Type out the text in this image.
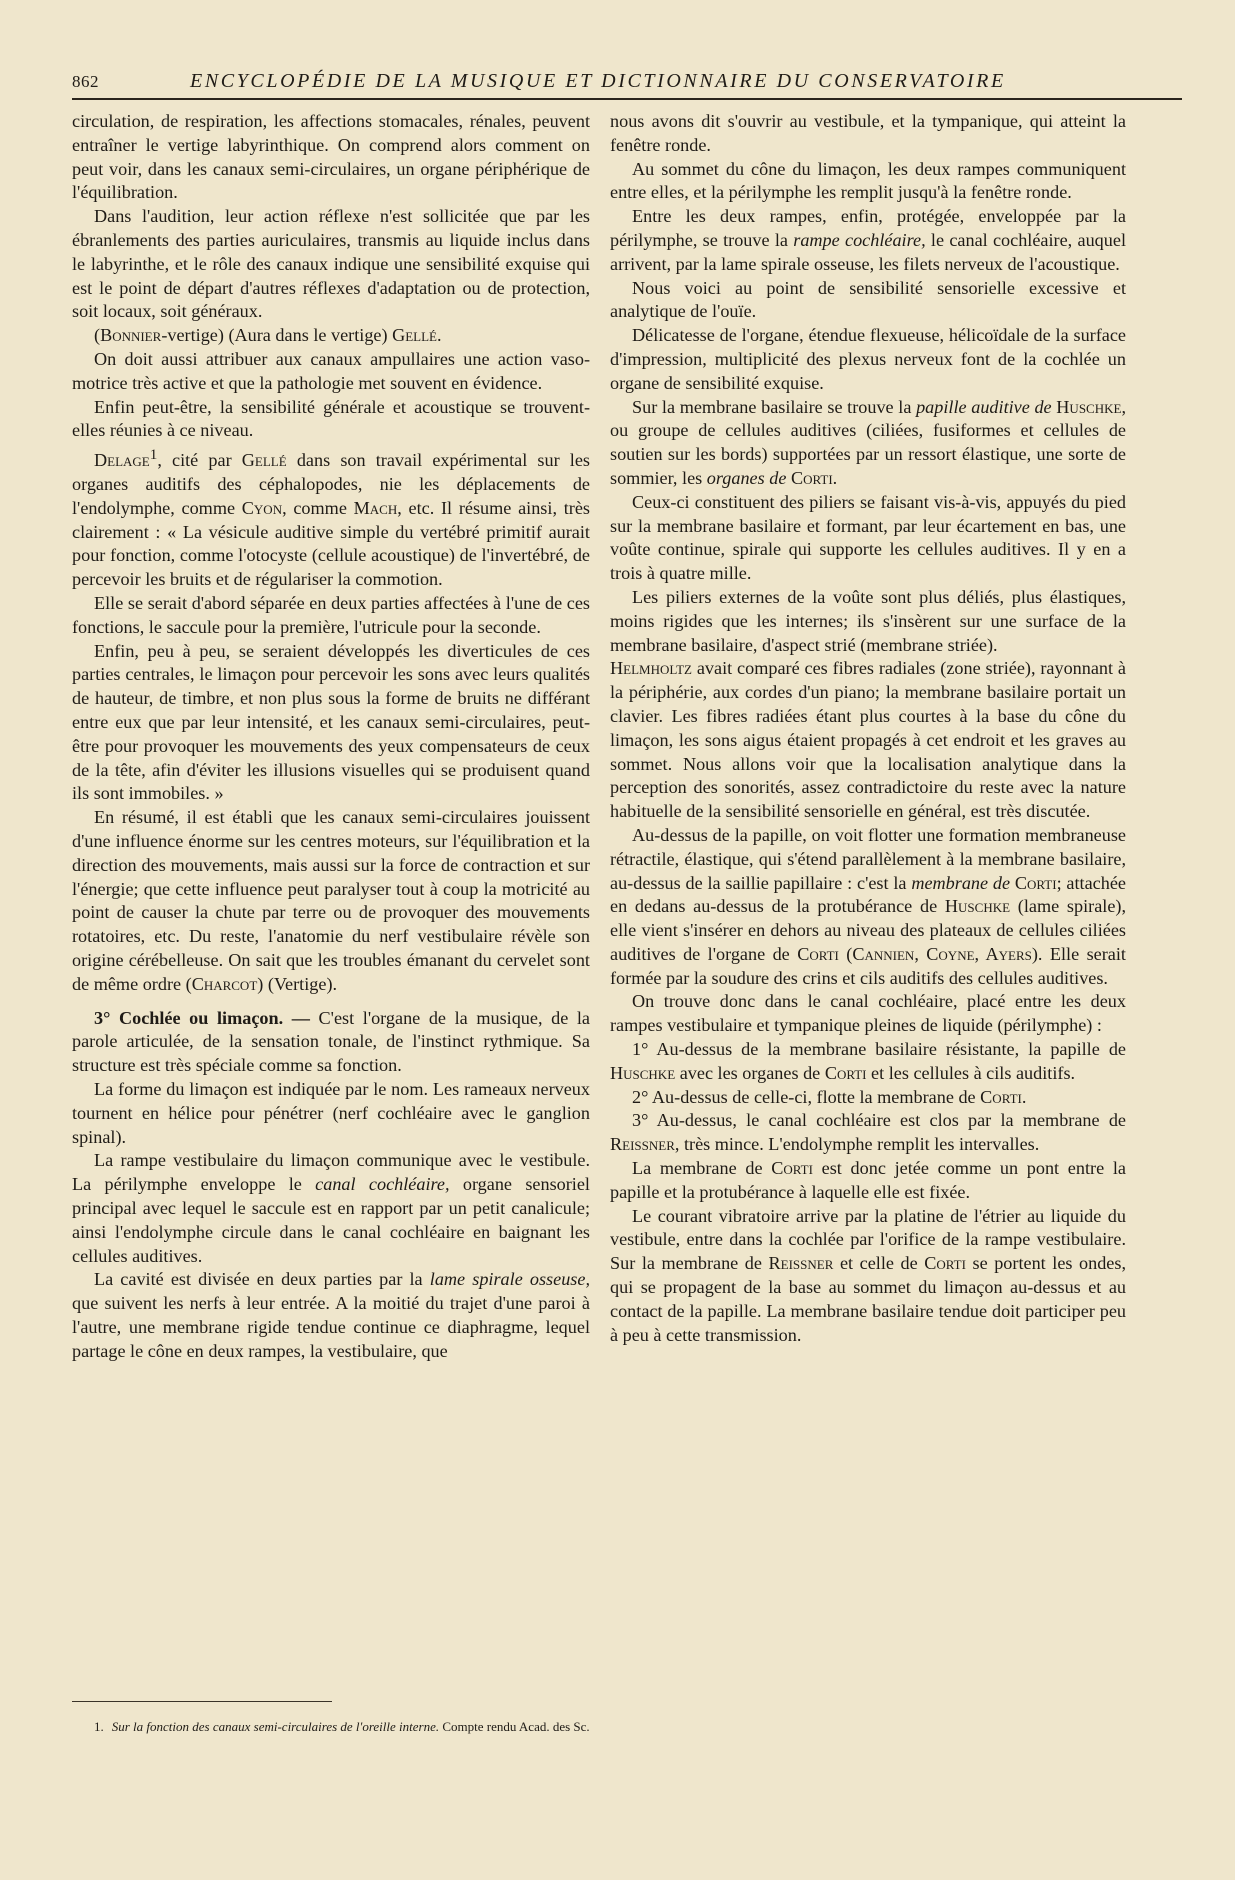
862	ENCYCLOPÉDIE DE LA MUSIQUE ET DICTIONNAIRE DU CONSERVATOIRE

circulation, de respiration, les affections stomacales, rénales, peuvent entraîner le vertige labyrinthique. On comprend alors comment on peut voir, dans les canaux semi-circulaires, un organe périphérique de l'équilibration.

Dans l'audition, leur action réflexe n'est sollicitée que par les ébranlements des parties auriculaires, transmis au liquide inclus dans le labyrinthe, et le rôle des canaux indique une sensibilité exquise qui est le point de départ d'autres réflexes d'adaptation ou de protection, soit locaux, soit généraux.

(Bonnier-vertige) (Aura dans le vertige) Gellé.

On doit aussi attribuer aux canaux ampullaires une action vaso-motrice très active et que la pathologie met souvent en évidence.

Enfin peut-être, la sensibilité générale et acoustique se trouvent-elles réunies à ce niveau.

Delage$^1$, cité par Gellé dans son travail expérimental sur les organes auditifs des céphalopodes, nie les déplacements de l'endolymphe, comme Cyon, comme Mach, etc. Il résume ainsi, très clairement : « La vésicule auditive simple du vertébré primitif aurait pour fonction, comme l'otocyste (cellule acoustique) de l'invertébré, de percevoir les bruits et de régulariser la commotion.

Elle se serait d'abord séparée en deux parties affectées à l'une de ces fonctions, le saccule pour la première, l'utricule pour la seconde.

Enfin, peu à peu, se seraient développés les diverticules de ces parties centrales, le limaçon pour percevoir les sons avec leurs qualités de hauteur, de timbre, et non plus sous la forme de bruits ne différant entre eux que par leur intensité, et les canaux semi-circulaires, peut-être pour provoquer les mouvements des yeux compensateurs de ceux de la tête, afin d'éviter les illusions visuelles qui se produisent quand ils sont immobiles. »

En résumé, il est établi que les canaux semi-circulaires jouissent d'une influence énorme sur les centres moteurs, sur l'équilibration et la direction des mouvements, mais aussi sur la force de contraction et sur l'énergie; que cette influence peut paralyser tout à coup la motricité au point de causer la chute par terre ou de provoquer des mouvements rotatoires, etc. Du reste, l'anatomie du nerf vestibulaire révèle son origine cérébelleuse. On sait que les troubles émanant du cervelet sont de même ordre (Charcot) (Vertige).

3° Cochlée ou limaçon. — C'est l'organe de la musique, de la parole articulée, de la sensation tonale, de l'instinct rythmique. Sa structure est très spéciale comme sa fonction.

La forme du limaçon est indiquée par le nom. Les rameaux nerveux tournent en hélice pour pénétrer (nerf cochléaire avec le ganglion spinal).

La rampe vestibulaire du limaçon communique avec le vestibule. La périlymphe enveloppe le canal cochléaire, organe sensoriel principal avec lequel le saccule est en rapport par un petit canalicule; ainsi l'endolymphe circule dans le canal cochléaire en baignant les cellules auditives.

La cavité est divisée en deux parties par la lame spirale osseuse, que suivent les nerfs à leur entrée. A la moitié du trajet d'une paroi à l'autre, une membrane rigide tendue continue ce diaphragme, lequel partage le cône en deux rampes, la vestibulaire, que

nous avons dit s'ouvrir au vestibule, et la tympanique, qui atteint la fenêtre ronde.

Au sommet du cône du limaçon, les deux rampes communiquent entre elles, et la périlymphe les remplit jusqu'à la fenêtre ronde.

Entre les deux rampes, enfin, protégée, enveloppée par la périlymphe, se trouve la rampe cochléaire, le canal cochléaire, auquel arrivent, par la lame spirale osseuse, les filets nerveux de l'acoustique.

Nous voici au point de sensibilité sensorielle excessive et analytique de l'ouïe.

Délicatesse de l'organe, étendue flexueuse, hélicoïdale de la surface d'impression, multiplicité des plexus nerveux font de la cochlée un organe de sensibilité exquise.

Sur la membrane basilaire se trouve la papille auditive de Huschke, ou groupe de cellules auditives (ciliées, fusiformes et cellules de soutien sur les bords) supportées par un ressort élastique, une sorte de sommier, les organes de Corti.

Ceux-ci constituent des piliers se faisant vis-à-vis, appuyés du pied sur la membrane basilaire et formant, par leur écartement en bas, une voûte continue, spirale qui supporte les cellules auditives. Il y en a trois à quatre mille.

Les piliers externes de la voûte sont plus déliés, plus élastiques, moins rigides que les internes; ils s'insèrent sur une surface de la membrane basilaire, d'aspect strié (membrane striée).

Helmholtz avait comparé ces fibres radiales (zone striée), rayonnant à la périphérie, aux cordes d'un piano; la membrane basilaire portait un clavier. Les fibres radiées étant plus courtes à la base du cône du limaçon, les sons aigus étaient propagés à cet endroit et les graves au sommet. Nous allons voir que la localisation analytique dans la perception des sonorités, assez contradictoire du reste avec la nature habituelle de la sensibilité sensorielle en général, est très discutée.

Au-dessus de la papille, on voit flotter une formation membraneuse rétractile, élastique, qui s'étend parallèlement à la membrane basilaire, au-dessus de la saillie papillaire : c'est la membrane de Corti; attachée en dedans au-dessus de la protubérance de Huschke (lame spirale), elle vient s'insérer en dehors au niveau des plateaux de cellules ciliées auditives de l'organe de Corti (Cannien, Coyne, Ayers). Elle serait formée par la soudure des crins et cils auditifs des cellules auditives.

On trouve donc dans le canal cochléaire, placé entre les deux rampes vestibulaire et tympanique pleines de liquide (périlymphe) :

1° Au-dessus de la membrane basilaire résistante, la papille de Huschke avec les organes de Corti et les cellules à cils auditifs.

2° Au-dessus de celle-ci, flotte la membrane de Corti.

3° Au-dessus, le canal cochléaire est clos par la membrane de Reissner, très mince. L'endolymphe remplit les intervalles.

La membrane de Corti est donc jetée comme un pont entre la papille et la protubérance à laquelle elle est fixée.

Le courant vibratoire arrive par la platine de l'étrier au liquide du vestibule, entre dans la cochlée par l'orifice de la rampe vestibulaire. Sur la membrane de Reissner et celle de Corti se portent les ondes, qui se propagent de la base au sommet du limaçon au-dessus et au contact de la papille. La membrane basilaire tendue doit participer peu à peu à cette transmission.

1. Sur la fonction des canaux semi-circulaires de l'oreille interne. Compte rendu Acad. des Sc.
